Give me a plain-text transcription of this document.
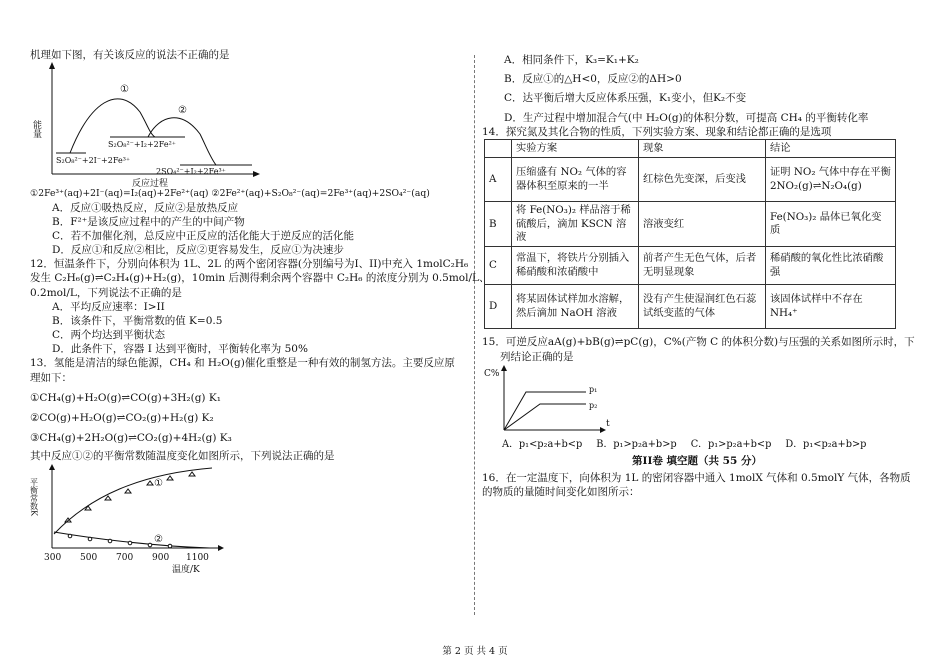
机理如下图，有关该反应的说法不正确的是

能量
反应过程
①
②
S₂O₈²⁻+I₂+2Fe²⁺
S₂O₈²⁻+2I⁻+2Fe³⁺
2SO₄²⁻+I₂+2Fe³⁺

①2Fe³⁺(aq)+2I⁻(aq)=I₂(aq)+2Fe²⁺(aq) ②2Fe²⁺(aq)+S₂O₈²⁻(aq)=2Fe³⁺(aq)+2SO₄²⁻(aq)

A．反应①吸热反应，反应②是放热反应

B．F²⁺是该反应过程中的产生的中间产物

C．若不加催化剂，总反应中正反应的活化能大于逆反应的活化能

D．反应①和反应②相比，反应②更容易发生，反应①为决速步

12．恒温条件下，分别向体积为 1L、2L 的两个密闭容器(分别编号为I、II)中充入 1molC₂H₆

发生 C₂H₆(g)⇌C₂H₄(g)+H₂(g)，10min 后测得剩余两个容器中 C₂H₆ 的浓度分别为 0.5mol/L、

0.2mol/L，下列说法不正确的是

A．平均反应速率：I>II

B．该条件下，平衡常数的值 K=0.5

C．两个均达到平衡状态

D．此条件下，容器 I 达到平衡时，平衡转化率为 50%

13．氢能是清洁的绿色能源，CH₄ 和 H₂O(g)催化重整是一种有效的制氢方法。主要反应原

理如下：

①CH₄(g)+H₂O(g)⇌CO(g)+3H₂(g) K₁

②CO(g)+H₂O(g)⇌CO₂(g)+H₂(g) K₂

③CH₄(g)+2H₂O(g)⇌CO₂(g)+4H₂(g) K₃

其中反应①②的平衡常数随温度变化如图所示，下列说法正确的是

平衡常数K	①
②
300 500 700 900 1100
温度/K

A．相同条件下，K₃=K₁+K₂

B．反应①的△H<0，反应②的ΔH>0

C．达平衡后增大反应体系压强，K₁变小，但K₂不变

D．生产过程中增加混合气(中 H₂O(g)的体积分数，可提高 CH₄ 的平衡转化率

14．探究氮及其化合物的性质，下列实验方案、现象和结论都正确的是选项

	实验方案	现象	结论
A	压缩盛有 NO₂ 气体的容器体积至原来的一半	红棕色先变深，后变浅	证明 NO₂ 气体中存在平衡 2NO₂(g)⇌N₂O₄(g)
B	将 Fe(NO₃)₂ 样品溶于稀硫酸后，滴加 KSCN 溶液	溶液变红	Fe(NO₃)₂ 晶体已氧化变质
C	常温下，将铁片分别插入稀硝酸和浓硝酸中	前者产生无色气体，后者无明显现象	稀硝酸的氧化性比浓硝酸强
D	将某固体试样加水溶解，然后滴加 NaOH 溶液	没有产生使湿润红色石蕊试纸变蓝的气体	该固体试样中不存在 NH₄⁺

15．可逆反应aA(g)+bB(g)⇌pC(g)，C%(产物 C 的体积分数)与压强的关系如图所示时，下

列结论正确的是

C%
p₁
p₂
t
A．p₁<p₂a+b<p B．p₁>p₂a+b>p C．p₁>p₂a+b<p D．p₁<p₂a+b>p

第II卷 填空题（共 55 分）

16．在一定温度下，向体积为 1L 的密闭容器中通入 1molX 气体和 0.5molY 气体，各物质

的物质的量随时间变化如图所示：

第 2 页 共 4 页
